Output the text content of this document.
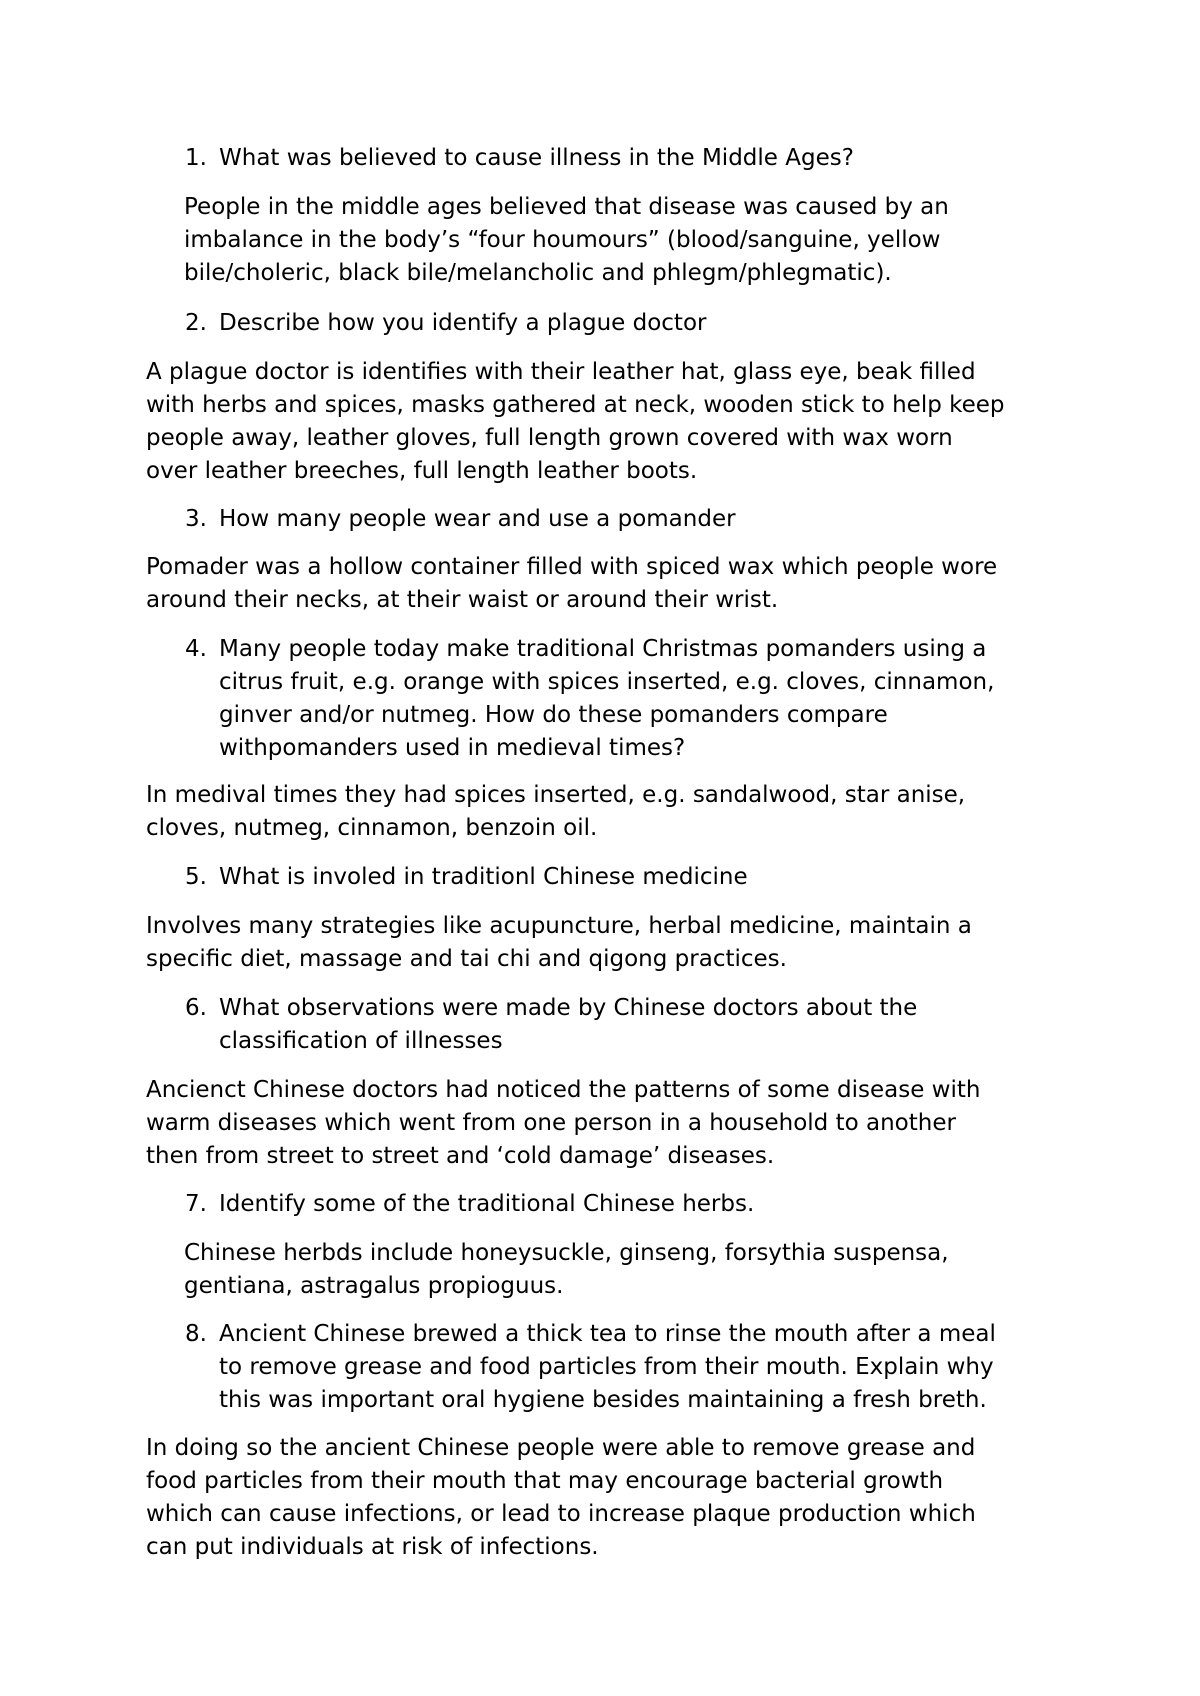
1. What was believed to cause illness in the Middle Ages?
People in the middle ages believed that disease was caused by an
imbalance in the body’s “four houmours” (blood/sanguine, yellow
bile/choleric, black bile/melancholic and phlegm/phlegmatic).
2. Describe how you identify a plague doctor
A plague doctor is identifies with their leather hat, glass eye, beak filled
with herbs and spices, masks gathered at neck, wooden stick to help keep
people away, leather gloves, full length grown covered with wax worn
over leather breeches, full length leather boots.
3. How many people wear and use a pomander
Pomader was a hollow container filled with spiced wax which people wore
around their necks, at their waist or around their wrist.
4. Many people today make traditional Christmas pomanders using a
citrus fruit, e.g. orange with spices inserted, e.g. cloves, cinnamon,
ginver and/or nutmeg. How do these pomanders compare
withpomanders used in medieval times?
In medival times they had spices inserted, e.g. sandalwood, star anise,
cloves, nutmeg, cinnamon, benzoin oil.
5. What is involed in traditionl Chinese medicine
Involves many strategies like acupuncture, herbal medicine, maintain a
specific diet, massage and tai chi and qigong practices.
6. What observations were made by Chinese doctors about the
classification of illnesses
Ancienct Chinese doctors had noticed the patterns of some disease with
warm diseases which went from one person in a household to another
then from street to street and ‘cold damage’ diseases.
7. Identify some of the traditional Chinese herbs.
Chinese herbds include honeysuckle, ginseng, forsythia suspensa,
gentiana, astragalus propioguus.
8. Ancient Chinese brewed a thick tea to rinse the mouth after a meal
to remove grease and food particles from their mouth. Explain why
this was important oral hygiene besides maintaining a fresh breth.
In doing so the ancient Chinese people were able to remove grease and
food particles from their mouth that may encourage bacterial growth
which can cause infections, or lead to increase plaque production which
can put individuals at risk of infections.
